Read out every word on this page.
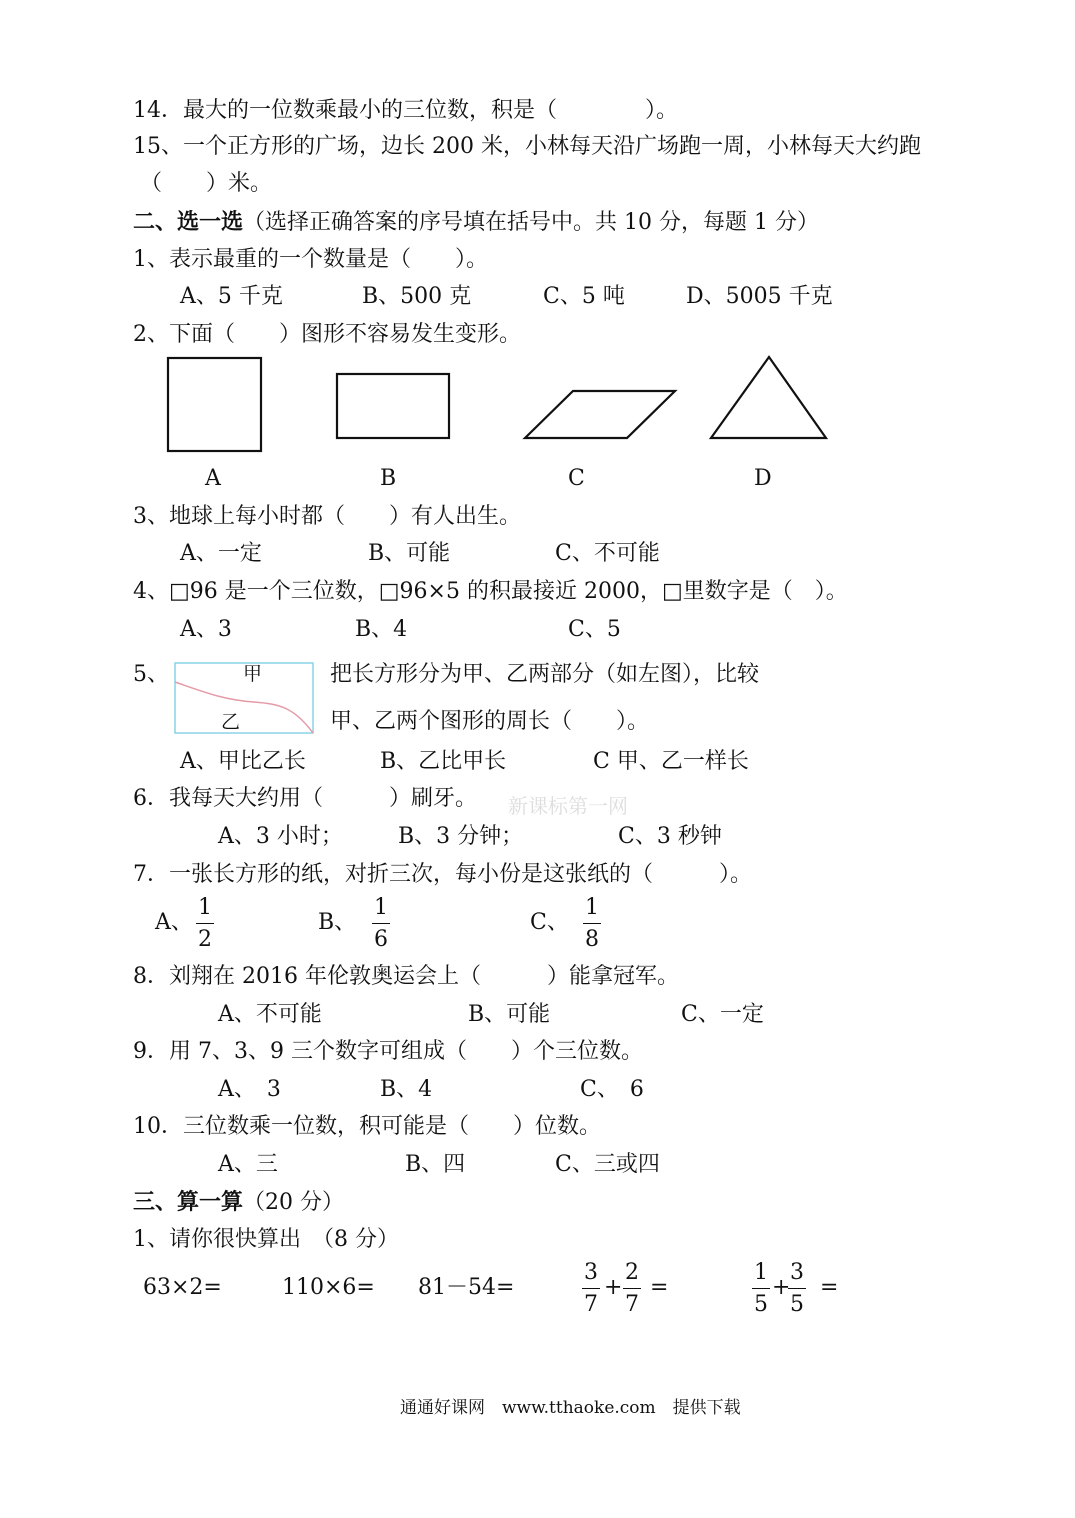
14．最大的一位数乘最小的三位数，积是（　　　　）。
15、一个正方形的广场，边长 200 米，小林每天沿广场跑一周，小林每天大约跑
（　　）米。
二、选一选（选择正确答案的序号填在括号中。共 10 分，每题 1 分）
1、表示最重的一个数量是（　　）。
A、5 千克	B、500 克	C、5 吨	D、5005 千克
2、下面（　　）图形不容易发生变形。
A	B	C	D
3、地球上每小时都（　　）有人出生。
A、一定	B、可能	C、不可能
4、□96 是一个三位数，□96×5 的积最接近 2000，□里数字是（　）。
A、3	B、4	C、5
5、	甲
乙
把长方形分为甲、乙两部分（如左图），比较
甲、乙两个图形的周长（　　）。
A、甲比乙长	B、乙比甲长	C 甲、乙一样长
6．我每天大约用（　　　）刷牙。 新课标第一网
A、3 小时；	B、3 分钟；	C、3 秒钟
7．一张长方形的纸，对折三次，每小份是这张纸的（　　　）。
A、
1
2
B、
1
6
C、
1
8
8．刘翔在 2016 年伦敦奥运会上（　　　）能拿冠军。
A、不可能	B、可能	C、一定
9．用 7、3、9 三个数字可组成（　　）个三位数。
A、　3	B、4	C、　6
10．三位数乘一位数，积可能是（　　）位数。
A、三	B、四	C、三或四
三、算一算（20 分）
1、请你很快算出　（8 分）
63×2=	110×6= 81－54=
3
7
+
2
7
=
1
5
+
3
5
=
通通好课网　www.tthaoke.com　提供下载
